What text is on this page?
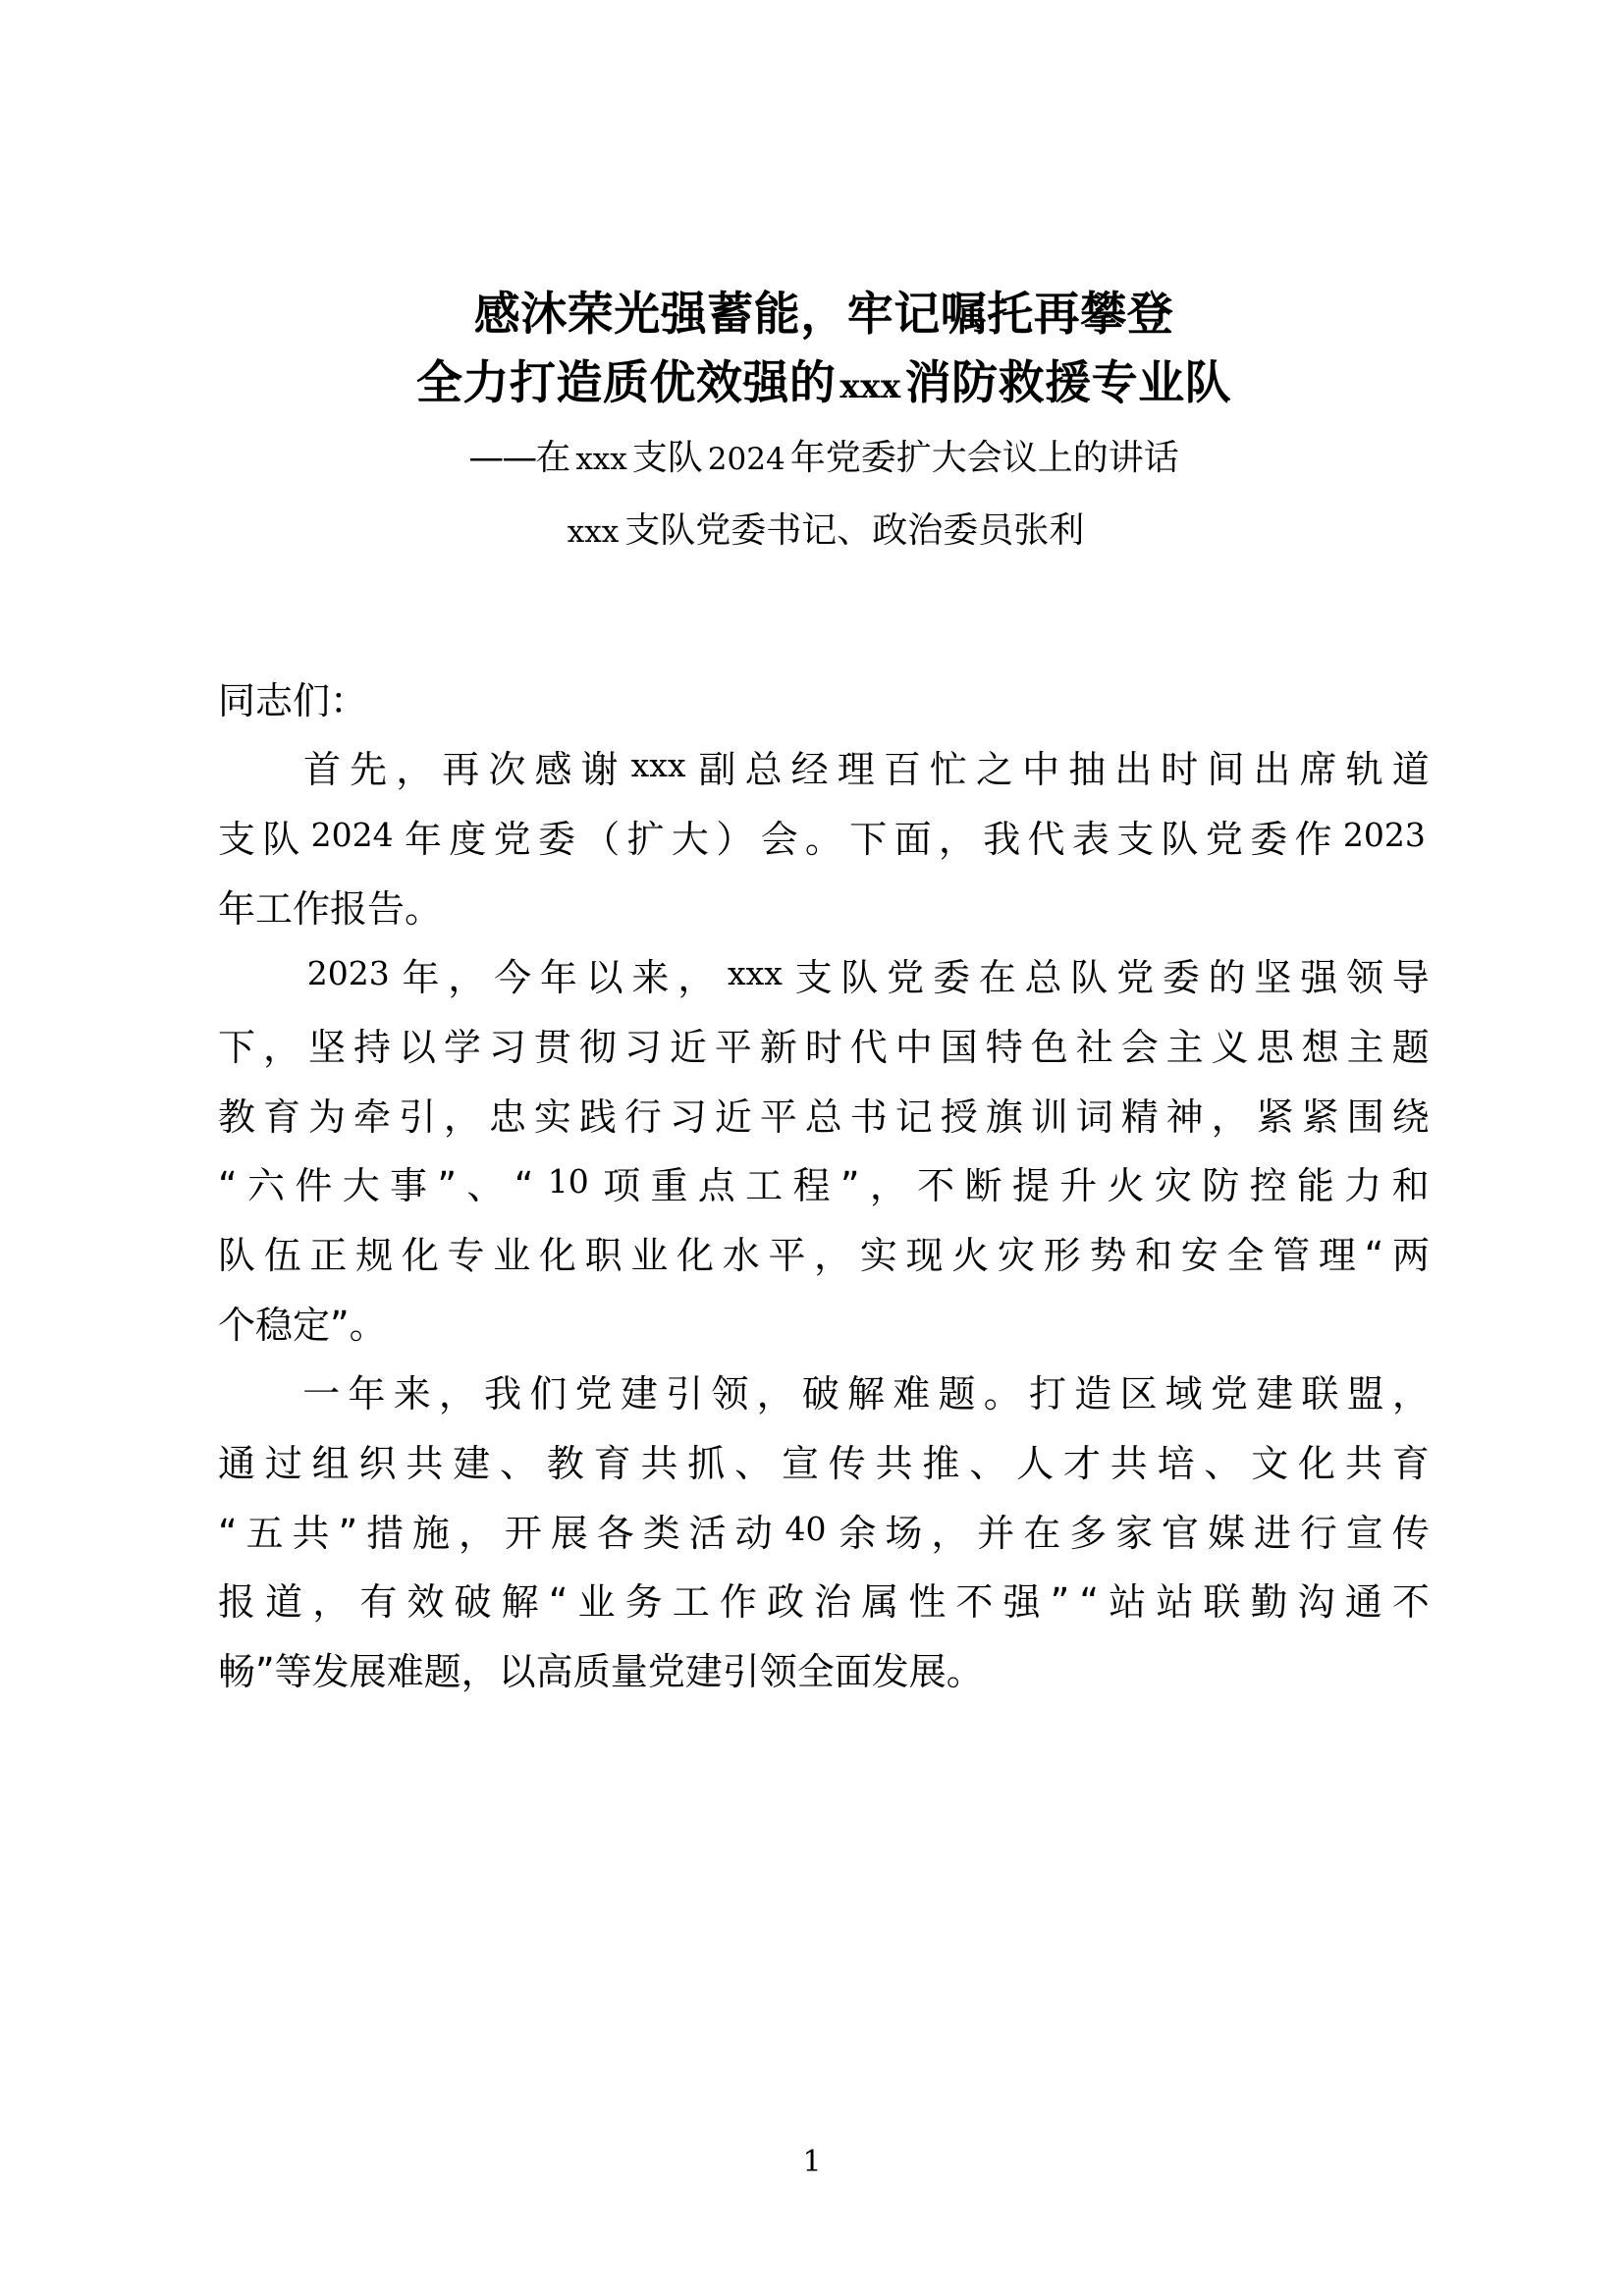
感沐荣光强蓄能，牢记嘱托再攀登
全力打造质优效强的 xxx消防救援专业队
——在 xxx 支队 2024 年党委扩大会议上的讲话
xxx 支队党委书记、政治委员张利
同志们：
首 先 ， 再 次 感 谢 xxx 副 总 经 理 百 忙 之 中 抽 出 时 间 出 席 轨 道
支 队 2024 年 度 党 委 （ 扩 大 ） 会 。 下 面 ， 我 代 表 支 队 党 委 作 2023
年工作报告。
2023 年 ， 今 年 以 来 ， xxx 支 队 党 委 在 总 队 党 委 的 坚 强 领 导
下 ， 坚 持 以 学 习 贯 彻 习 近 平 新 时 代 中 国 特 色 社 会 主 义 思 想 主 题
教 育 为 牵 引 ， 忠 实 践 行 习 近 平 总 书 记 授 旗 训 词 精 神 ， 紧 紧 围 绕
“ 六 件 大 事 ” 、 “ 10 项 重 点 工 程 ” ， 不 断 提 升 火 灾 防 控 能 力 和
队 伍 正 规 化 专 业 化 职 业 化 水 平 ， 实 现 火 灾 形 势 和 安 全 管 理 “ 两
个稳定”。
一 年 来 ， 我 们 党 建 引 领 ， 破 解 难 题 。 打 造 区 域 党 建 联 盟 ，
通 过 组 织 共 建 、 教 育 共 抓 、 宣 传 共 推 、 人 才 共 培 、 文 化 共 育
“ 五 共 ” 措 施 ， 开 展 各 类 活 动 40 余 场 ， 并 在 多 家 官 媒 进 行 宣 传
报 道 ， 有 效 破 解 “ 业 务 工 作 政 治 属 性 不 强 ” “ 站 站 联 勤 沟 通 不
畅”等发展难题，以高质量党建引领全面发展。
1
